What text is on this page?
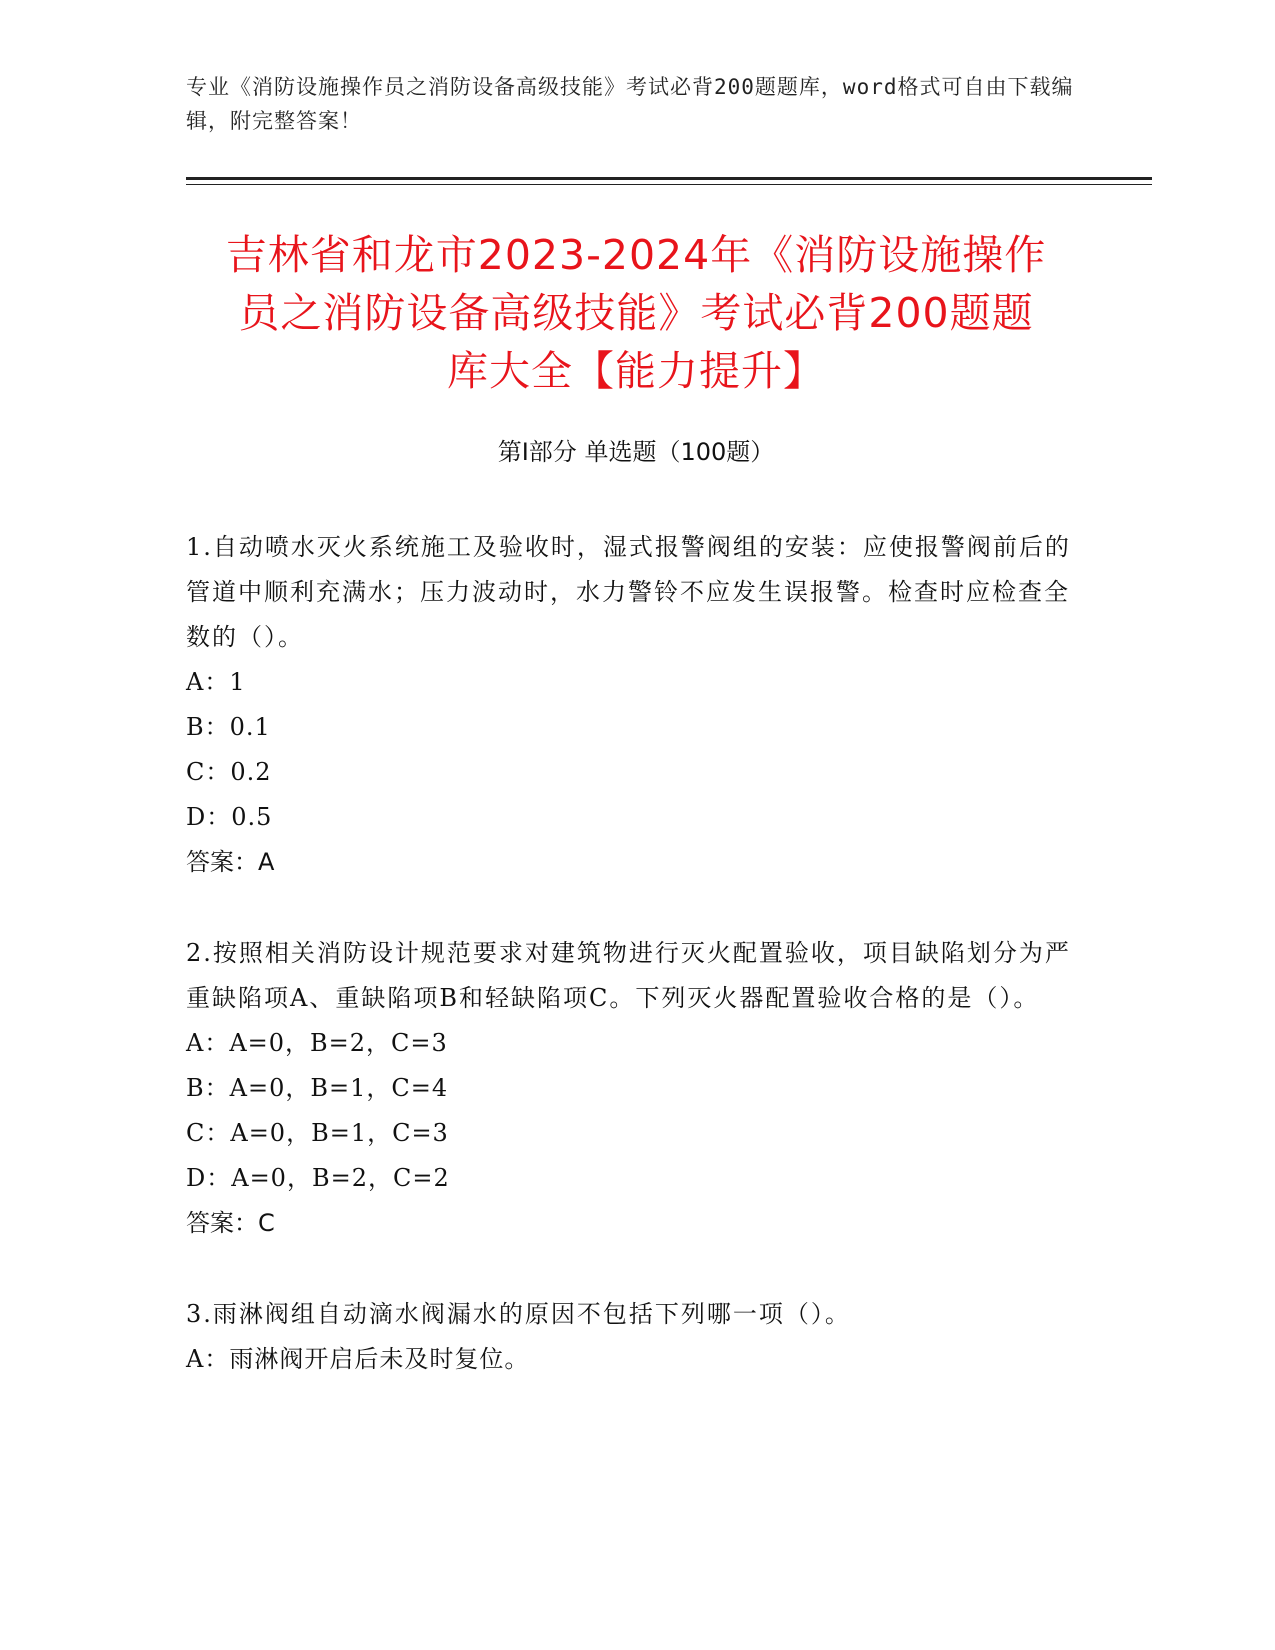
专业《消防设施操作员之消防设备高级技能》考试必背200题题库，word格式可自由下载编辑，附完整答案！
吉林省和龙市2023-2024年《消防设施操作
员之消防设备高级技能》考试必背200题题
库大全【能力提升】
第Ⅰ部分 单选题（100题）
1.自动喷水灭火系统施工及验收时，湿式报警阀组的安装：应使报警阀前后的管道中顺利充满水；压力波动时，水力警铃不应发生误报警。检查时应检查全数的（）。
A：1
B：0.1
C：0.2
D：0.5
答案：A
2.按照相关消防设计规范要求对建筑物进行灭火配置验收，项目缺陷划分为严重缺陷项A、重缺陷项B和轻缺陷项C。下列灭火器配置验收合格的是（）。
A：A=0，B=2，C=3
B：A=0，B=1，C=4
C：A=0，B=1，C=3
D：A=0，B=2，C=2
答案：C
3.雨淋阀组自动滴水阀漏水的原因不包括下列哪一项（）。
A：雨淋阀开启后未及时复位。
